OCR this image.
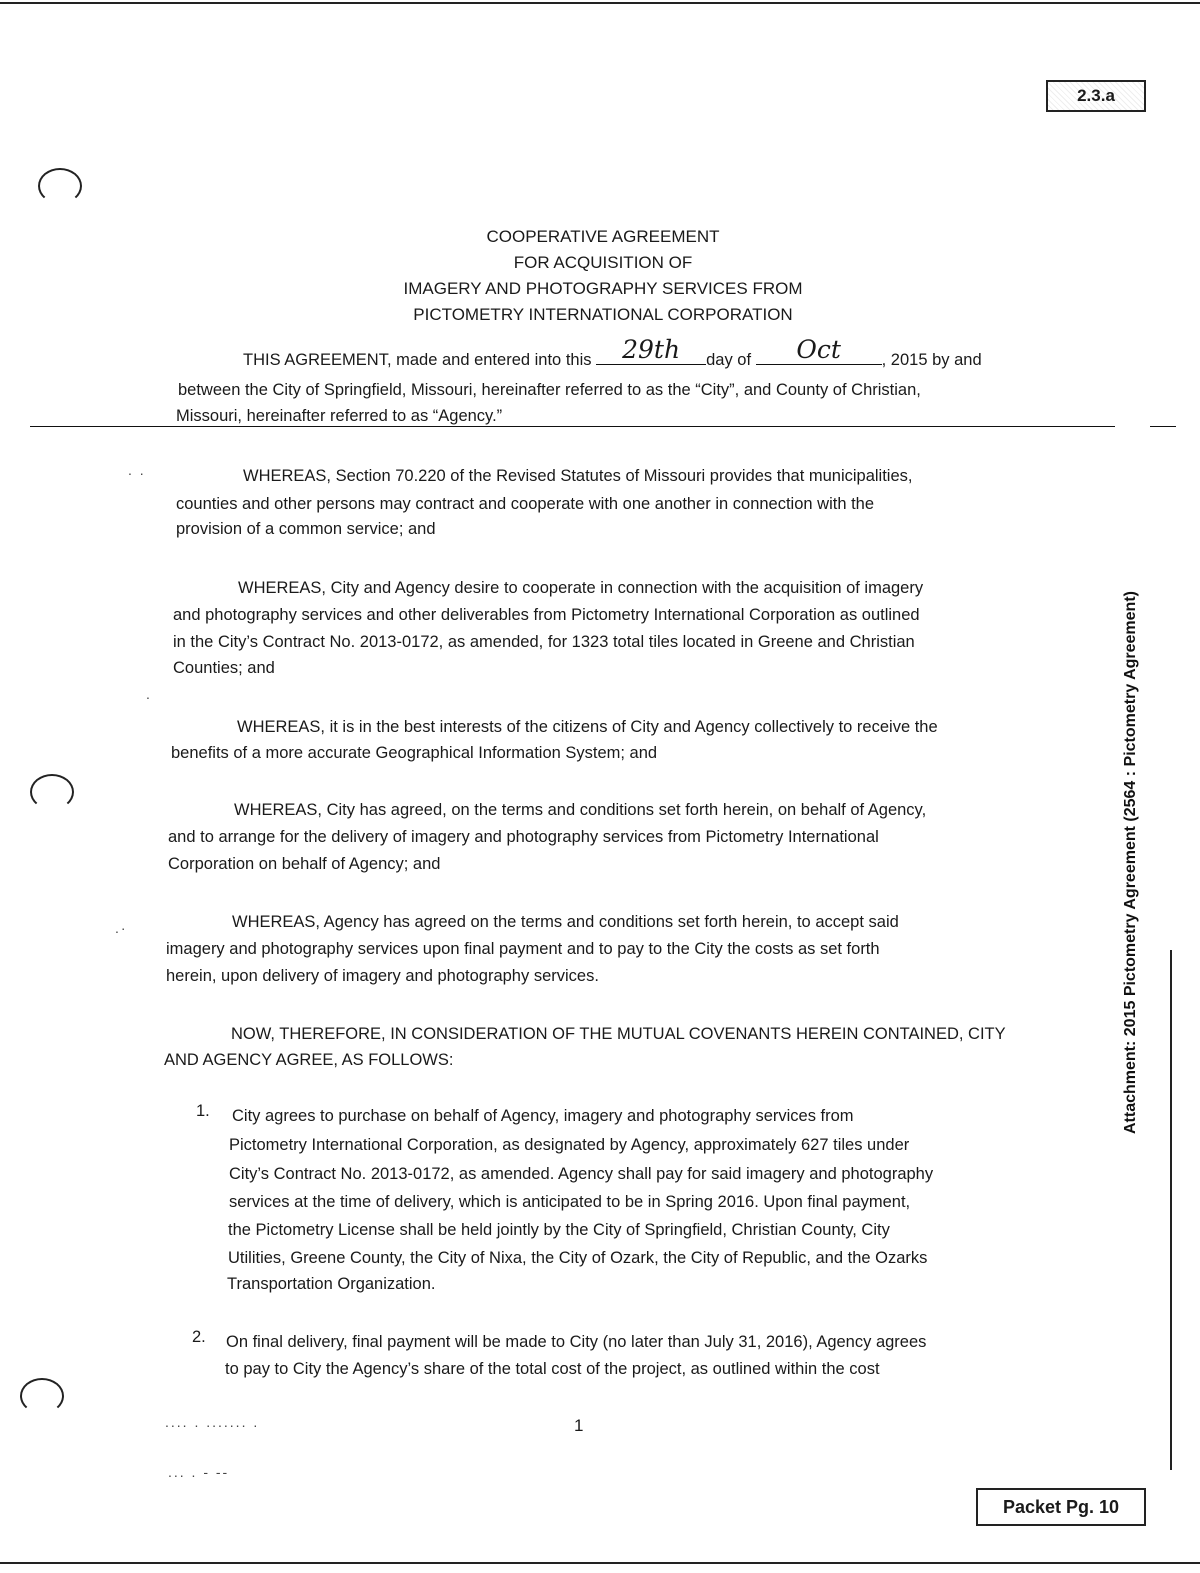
2.3.a
COOPERATIVE AGREEMENT
FOR ACQUISITION OF
IMAGERY AND PHOTOGRAPHY SERVICES FROM
PICTOMETRY INTERNATIONAL CORPORATION
THIS AGREEMENT, made and entered into this	29th	day of	Oct	, 2015 by and
between the City of Springfield, Missouri, hereinafter referred to as the “City”, and County of Christian,
Missouri, hereinafter referred to as “Agency.”
WHEREAS, Section 70.220 of the Revised Statutes of Missouri provides that municipalities,
counties and other persons may contract and cooperate with one another in connection with the
provision of a common service; and
WHEREAS, City and Agency desire to cooperate in connection with the acquisition of imagery
and photography services and other deliverables from Pictometry International Corporation as outlined
in the City’s Contract No. 2013-0172, as amended, for 1323 total tiles located in Greene and Christian
Counties; and
WHEREAS, it is in the best interests of the citizens of City and Agency collectively to receive the
benefits of a more accurate Geographical Information System; and
WHEREAS, City has agreed, on the terms and conditions set forth herein, on behalf of Agency,
and to arrange for the delivery of imagery and photography services from Pictometry International
Corporation on behalf of Agency; and
WHEREAS, Agency has agreed on the terms and conditions set forth herein, to accept said
imagery and photography services upon final payment and to pay to the City the costs as set forth
herein, upon delivery of imagery and photography services.
NOW, THEREFORE, IN CONSIDERATION OF THE MUTUAL COVENANTS HEREIN CONTAINED, CITY
AND AGENCY AGREE, AS FOLLOWS:
1. City agrees to purchase on behalf of Agency, imagery and photography services from
Pictometry International Corporation, as designated by Agency, approximately 627 tiles under
City’s Contract No. 2013-0172, as amended. Agency shall pay for said imagery and photography
services at the time of delivery, which is anticipated to be in Spring 2016. Upon final payment,
the Pictometry License shall be held jointly by the City of Springfield, Christian County, City
Utilities, Greene County, the City of Nixa, the City of Ozark, the City of Republic, and the Ozarks
Transportation Organization.
2. On final delivery, final payment will be made to City (no later than July 31, 2016), Agency agrees
to pay to City the Agency’s share of the total cost of the project, as outlined within the cost
1
Attachment: 2015 Pictometry Agreement (2564 : Pictometry Agreement)
Packet Pg. 10
.... . ....... .
... . - --
. .
.
.·
